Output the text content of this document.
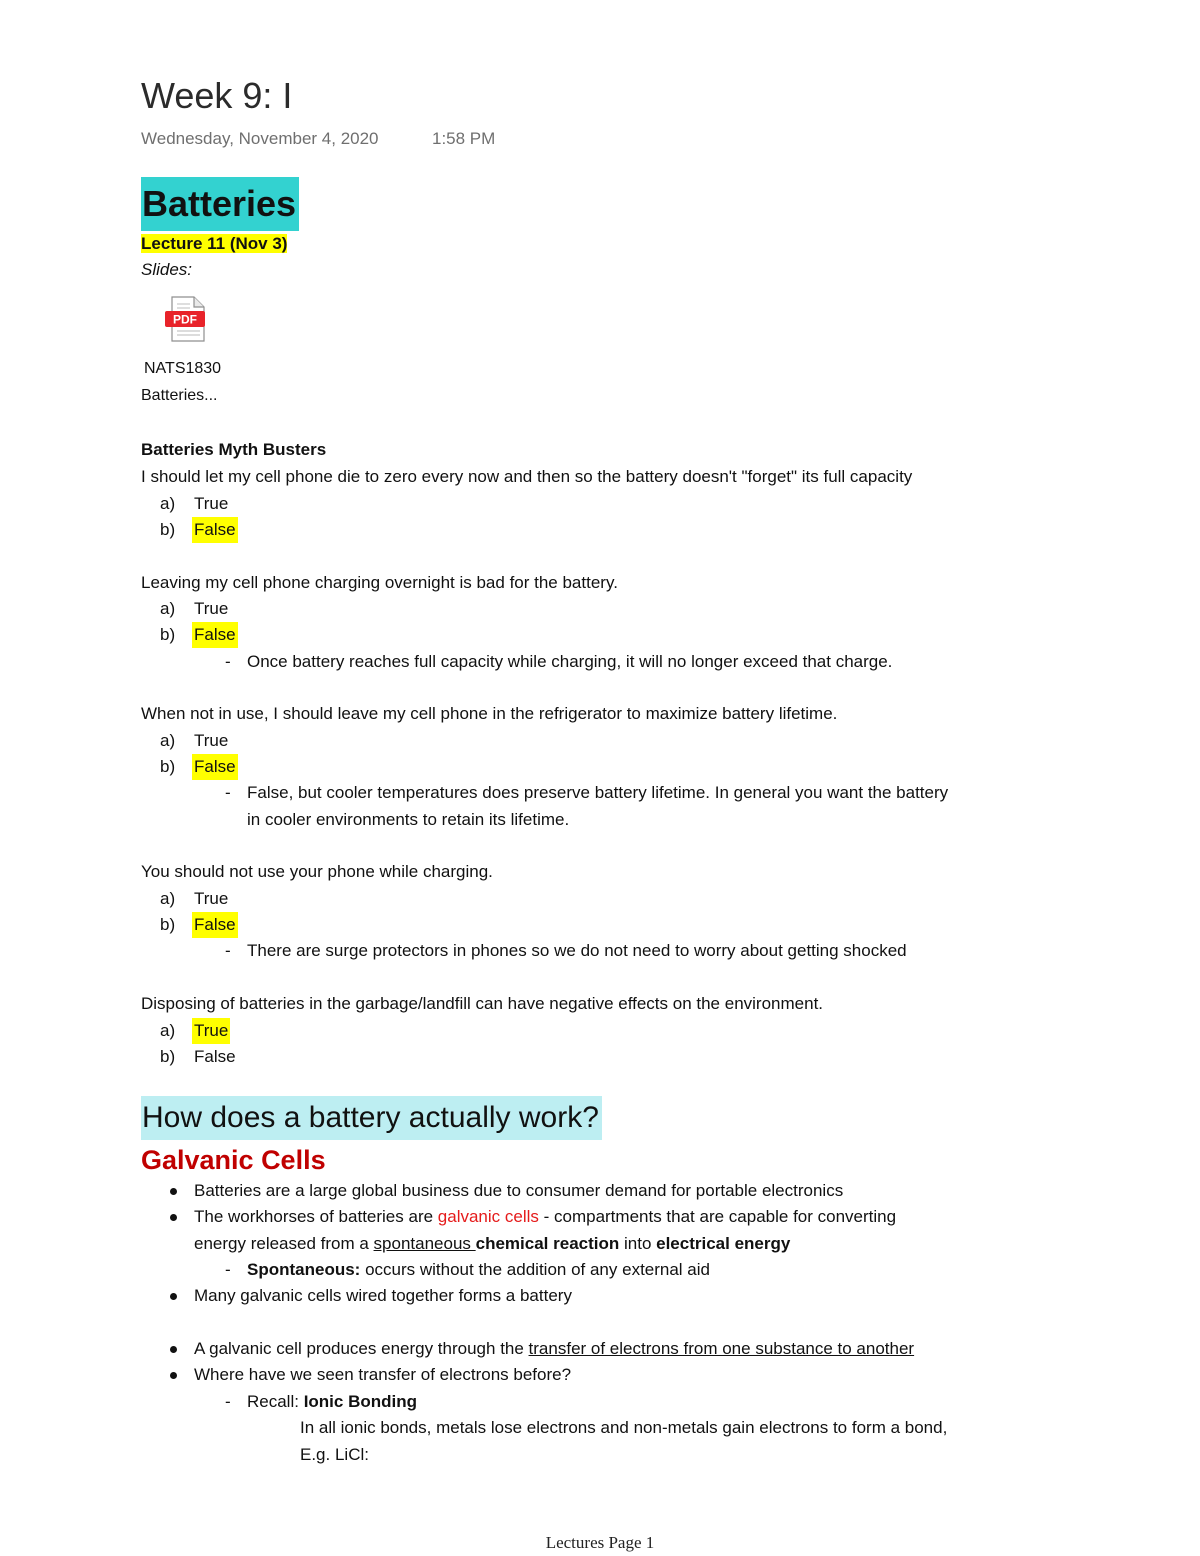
Week 9: I
Wednesday, November 4, 2020	1:58 PM
Batteries
Lecture 11 (Nov 3)
Slides:
PDF
NATS1830
Batteries...
Batteries Myth Busters
I should let my cell phone die to zero every now and then so the battery doesn't "forget" its full capacity
a) True
b) False
Leaving my cell phone charging overnight is bad for the battery.
a) True
b) False
- Once battery reaches full capacity while charging, it will no longer exceed that charge.
When not in use, I should leave my cell phone in the refrigerator to maximize battery lifetime.
a) True
b) False
- False, but cooler temperatures does preserve battery lifetime. In general you want the battery
in cooler environments to retain its lifetime.
You should not use your phone while charging.
a) True
b) False
- There are surge protectors in phones so we do not need to worry about getting shocked
Disposing of batteries in the garbage/landfill can have negative effects on the environment.
a) True
b) False
How does a battery actually work?
Galvanic Cells
Batteries are a large global business due to consumer demand for portable electronics
The workhorses of batteries are galvanic cells - compartments that are capable for converting
energy released from a spontaneous chemical reaction into electrical energy
- Spontaneous: occurs without the addition of any external aid
Many galvanic cells wired together forms a battery
A galvanic cell produces energy through the transfer of electrons from one substance to another
Where have we seen transfer of electrons before?
- Recall: Ionic Bonding
In all ionic bonds, metals lose electrons and non-metals gain electrons to form a bond,
E.g. LiCl:
Lectures Page 1
